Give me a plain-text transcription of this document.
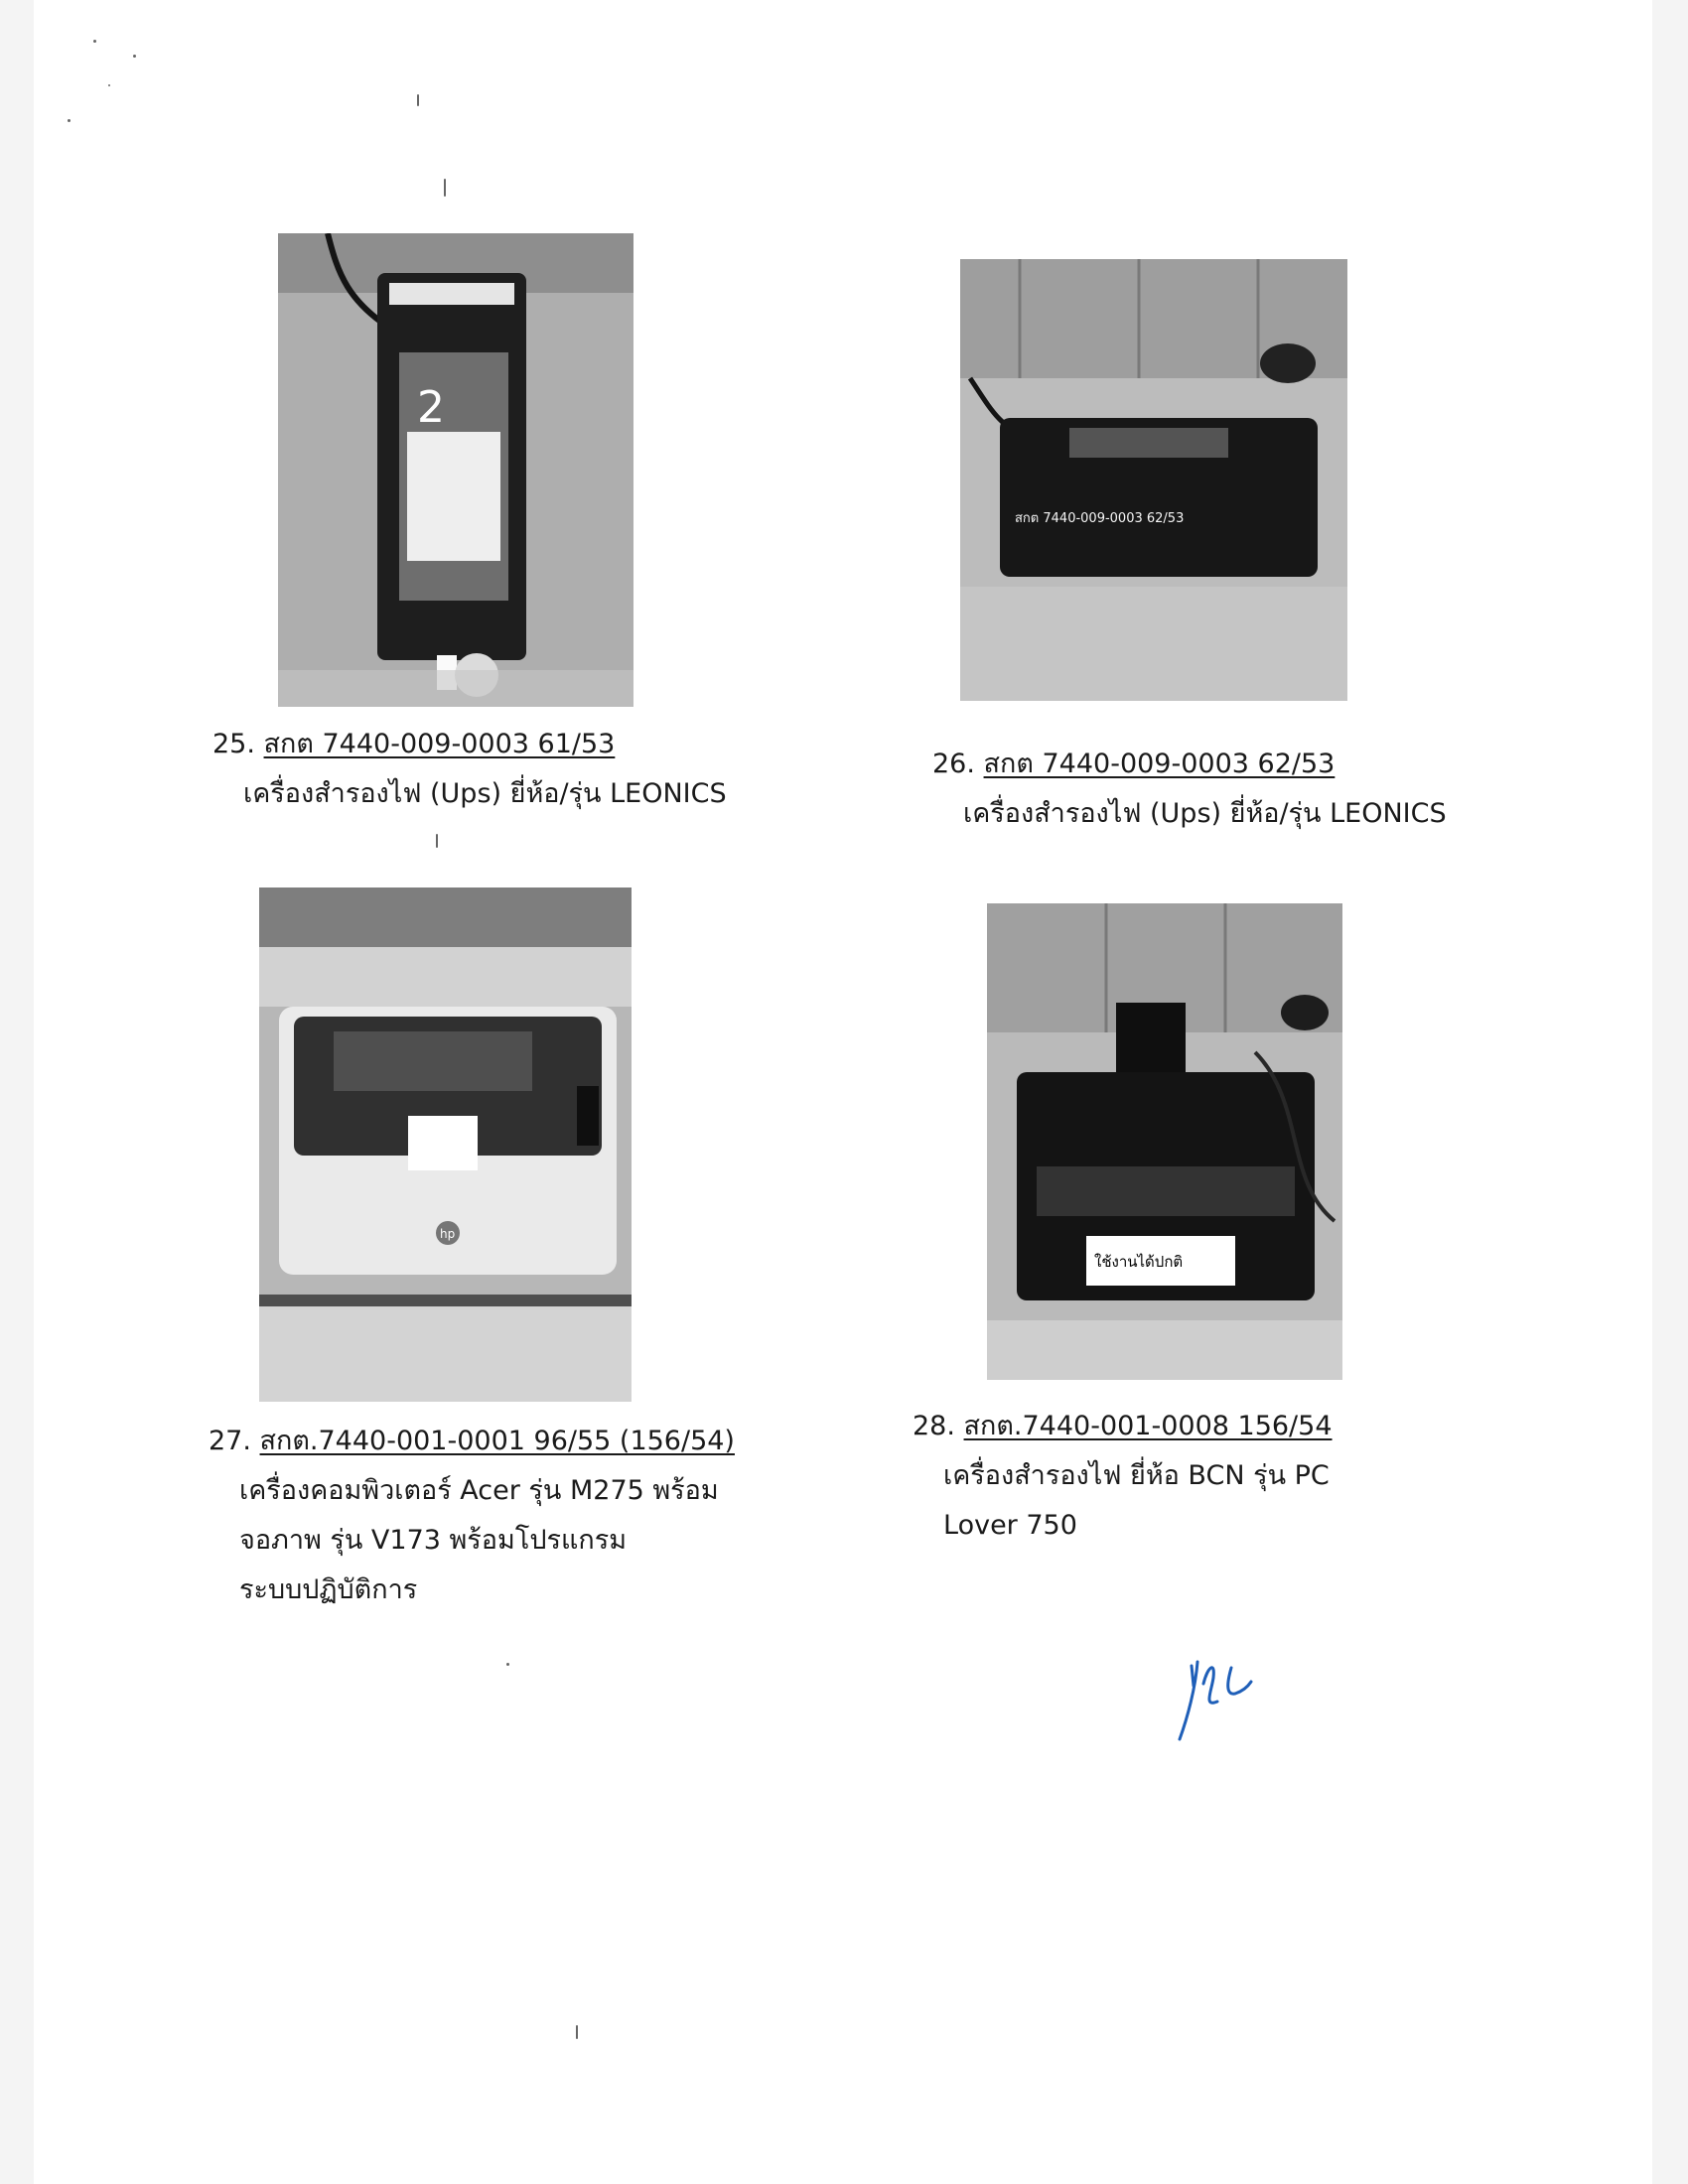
2
25. สกต 7440-009-0003 61/53
เครื่องสำรองไฟ (Ups) ยี่ห้อ/รุ่น LEONICS
สกต 7440-009-0003 62/53
26. สกต 7440-009-0003 62/53
เครื่องสำรองไฟ (Ups) ยี่ห้อ/รุ่น LEONICS
hp
27. สกต.7440-001-0001 96/55 (156/54)
เครื่องคอมพิวเตอร์ Acer รุ่น M275 พร้อม
จอภาพ รุ่น V173 พร้อมโปรแกรม
ระบบปฏิบัติการ
ใช้งานได้ปกติ
28. สกต.7440-001-0008 156/54
เครื่องสำรองไฟ ยี่ห้อ BCN รุ่น PC
Lover 750
